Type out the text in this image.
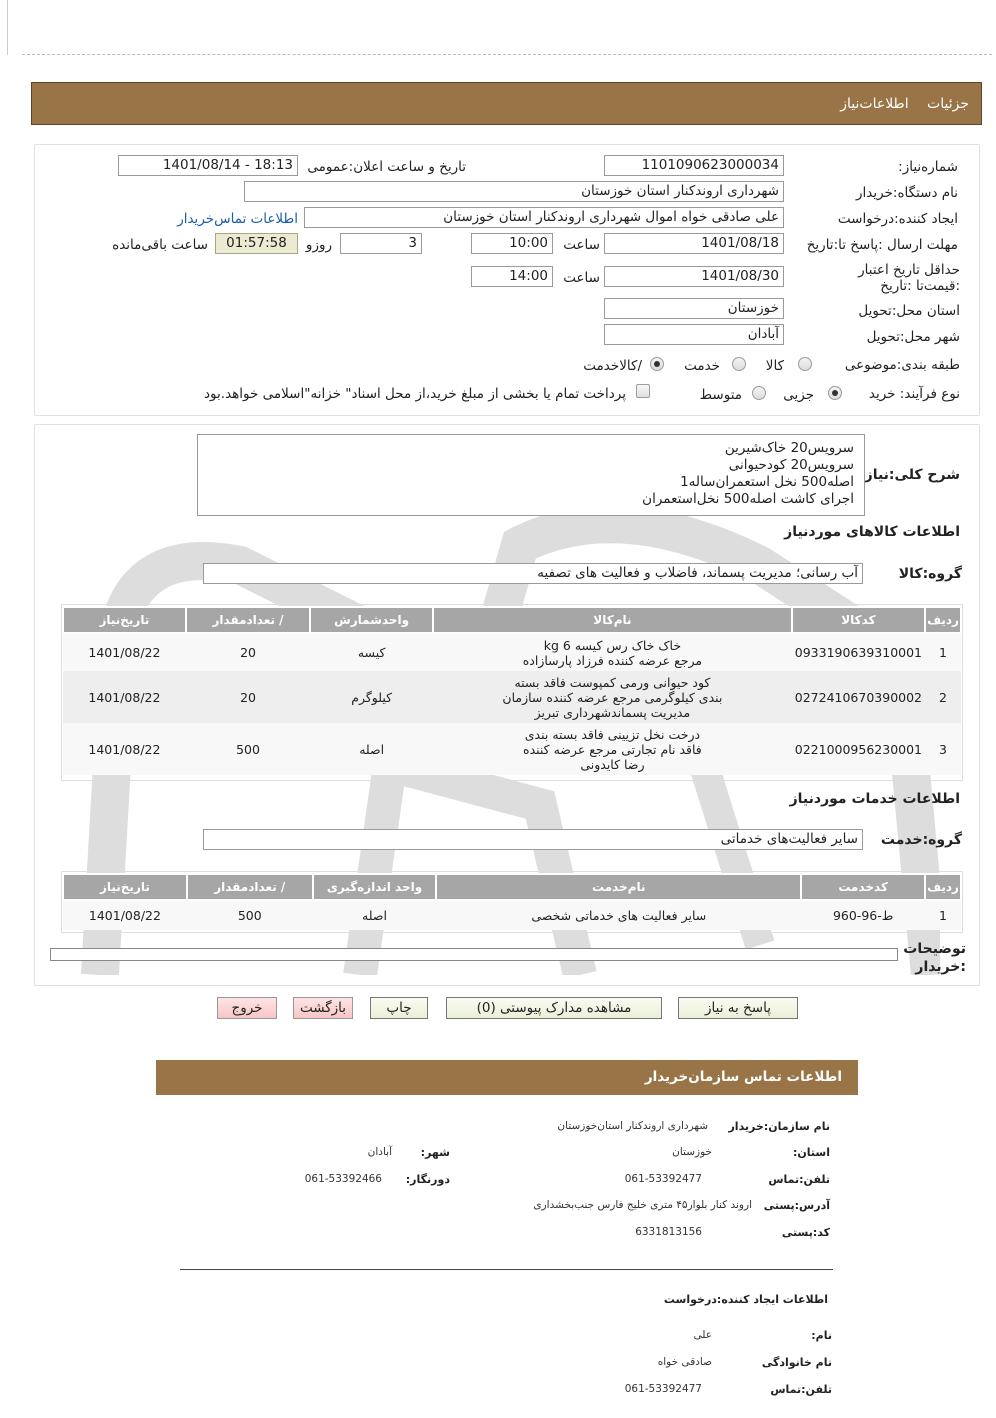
جزئیات اطلاعات‌نیاز
شماره‌نیاز:
1101090623000034
تاریخ و ساعت اعلان:عمومی
1401/08/14 - 18:13
نام دستگاه:خریدار
شهرداری اروندکنار استان خوزستان
ایجاد کننده:درخواست
علی صادقی خواه اموال شهرداری اروندکنار استان خوزستان
اطلاعات تماس‌خریدار
مهلت ارسال :پاسخ تا:تاریخ
1401/08/18
ساعت
10:00
3
روزو
01:57:58
ساعت باقی‌مانده
حداقل تاریخ اعتبار :قیمت‌تا :تاریخ
1401/08/30
ساعت
14:00
استان محل:تحویل
خوزستان
شهر محل:تحویل
آبادان
طبقه بندی:موضوعی
کالا
خدمت
/کالاخدمت
نوع فرآیند: خرید
جزیی
متوسط
پرداخت تمام یا بخشی از مبلغ خرید،از محل اسناد" خزانه"اسلامی خواهد.بود
شرح کلی:نیاز
سرویس20 خاک‌شیرین
سرویس20 کودحیوانی
اصله500 نخل استعمران‌ساله1
اجرای کاشت اصله500 نخل‌استعمران
اطلاعات کالاهای موردنیاز
گروه:کالا
آب رسانی؛ مدیریت پسماند، فاضلاب و فعالیت های تصفیه
ردیف	کدکالا	نام‌کالا	واحدشمارش	/ تعدادمقدار	تاریخ‌نیاز
1	0933190639310001	خاک خاک رس کیسه 6 kg
مرجع عرضه کننده فرزاد پارسازاده	کیسه	20	1401/08/22
2	0272410670390002	کود حیوانی ورمی کمپوست فاقد بسته
بندی کیلوگرمی مرجع عرضه کننده سازمان
مدیریت پسماندشهرداری تبریز	کیلوگرم	20	1401/08/22
3	0221000956230001	درخت نخل تزیینی فاقد بسته بندی
فاقد نام تجارتی مرجع عرضه کننده
رضا کایدونی	اصله	500	1401/08/22
اطلاعات خدمات موردنیاز
گروه:خدمت
سایر فعالیت‌های خدماتی
ردیف	کدخدمت	نام‌خدمت	واحد اندازه‌گیری	/ تعدادمقدار	تاریخ‌نیاز
1	ط-96-960	سایر فعالیت های خدماتی شخصی	اصله	500	1401/08/22
توضیحات :خریدار
پاسخ به نیاز
مشاهده مدارک پیوستی (0)
چاپ
بازگشت
خروج
اطلاعات تماس سازمان‌خریدار
نام سازمان:خریدار
شهرداری اروندکنار استان‌خوزستان
استان:
خوزستان
شهر:
آبادان
تلفن:تماس
061-53392477
دورنگار:
061-53392466
آدرس:پستی
اروند کنار بلوار۴۵ متری خلیج فارس جنب‌بخشداری
کد:پستی
6331813156
اطلاعات ایجاد کننده:درخواست
نام:
علی
نام خانوادگی
صادقی خواه
تلفن:تماس
061-53392477
